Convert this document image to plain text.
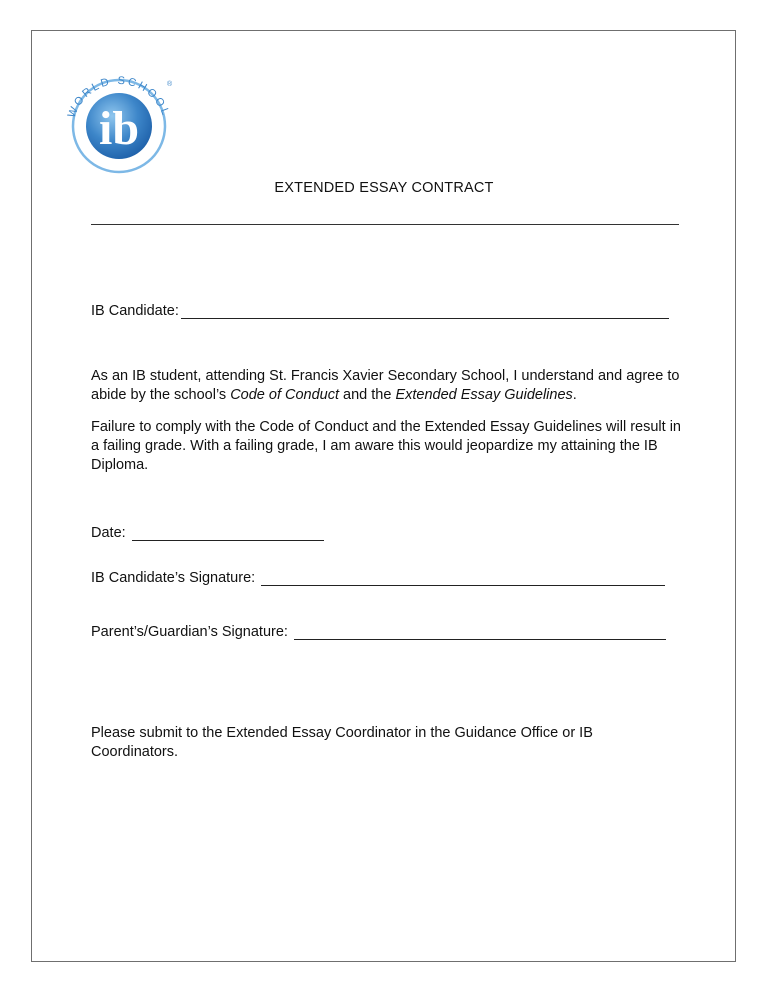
WORLD SCHOOL
®
ib
EXTENDED ESSAY CONTRACT
IB Candidate:

As an IB student, attending St. Francis Xavier Secondary School, I understand and agree to abide by the school’s Code of Conduct and the Extended Essay Guidelines.

Failure to comply with the Code of Conduct and the Extended Essay Guidelines will result in a failing grade. With a failing grade, I am aware this would jeopardize my attaining the IB Diploma.

Date:
IB Candidate’s Signature:
Parent’s/Guardian’s Signature:
Please submit to the Extended Essay Coordinator in the Guidance Office or IB Coordinators.
